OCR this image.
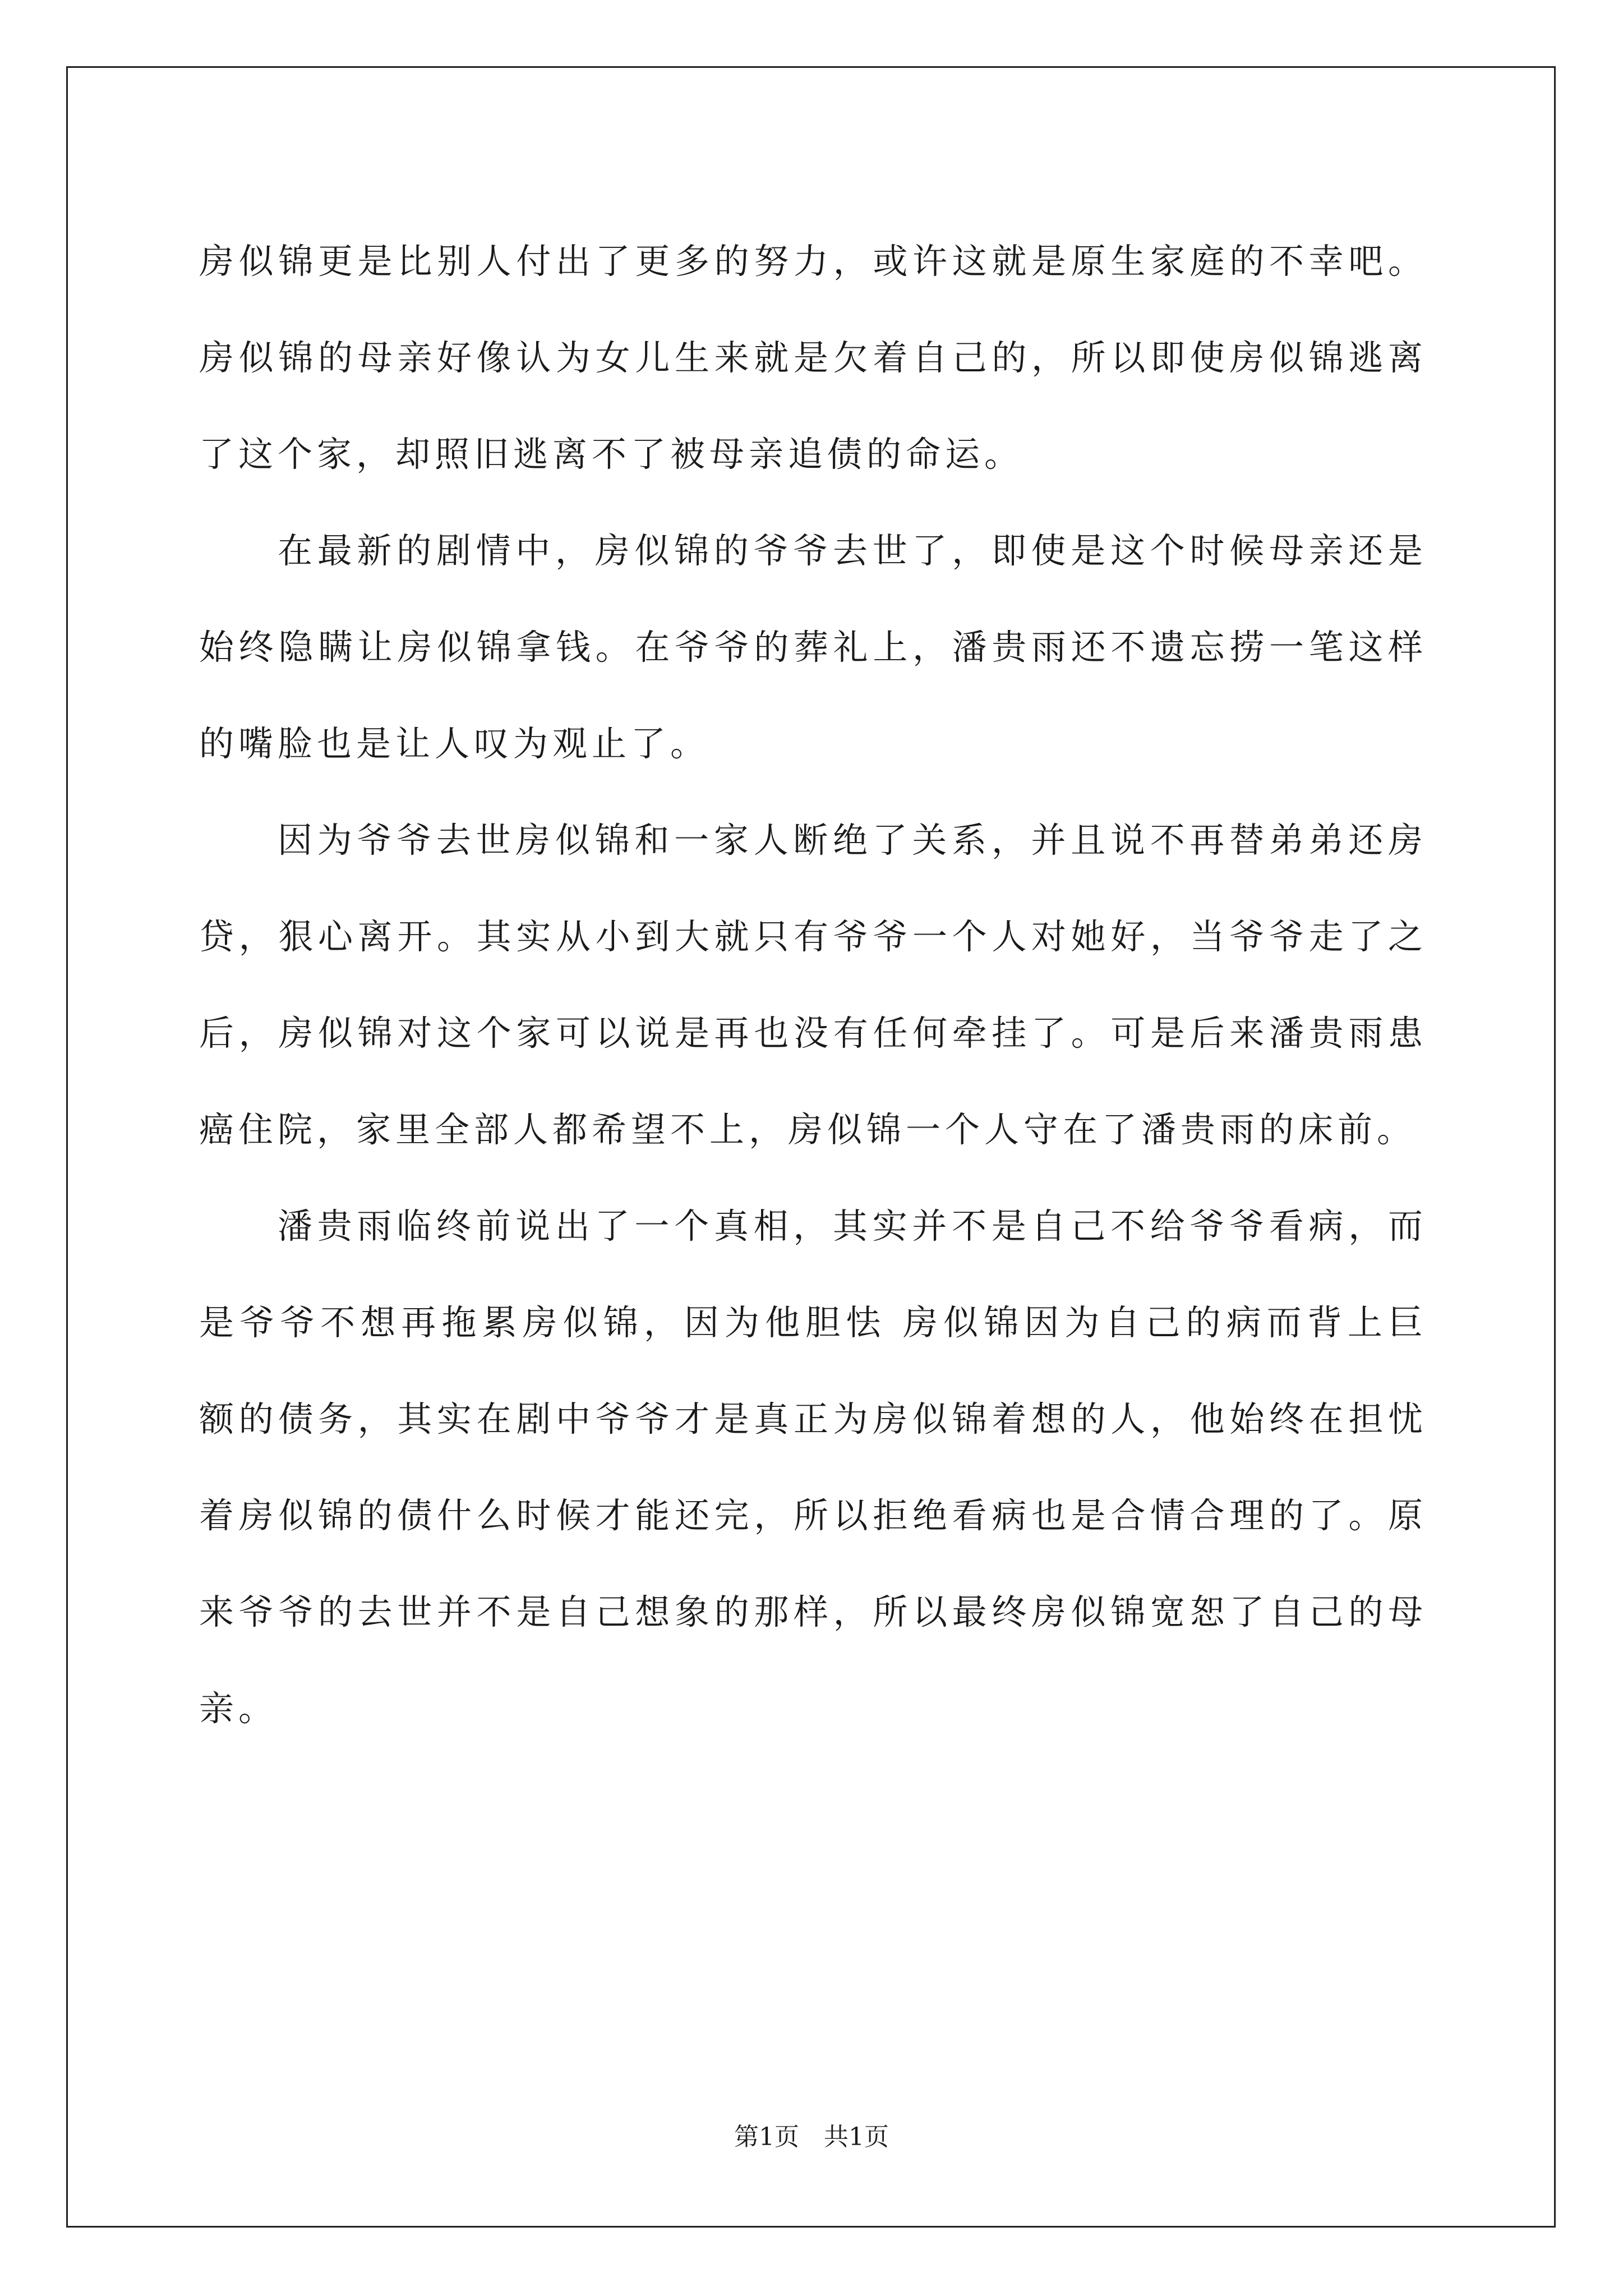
房似锦更是比别人付出了更多的努力，或许这就是原生家庭的不幸吧。房似锦的母亲好像认为女儿生来就是欠着自己的，所以即使房似锦逃离了这个家，却照旧逃离不了被母亲追债的命运。

在最新的剧情中，房似锦的爷爷去世了，即使是这个时候母亲还是始终隐瞒让房似锦拿钱。在爷爷的葬礼上，潘贵雨还不遗忘捞一笔这样的嘴脸也是让人叹为观止了。

因为爷爷去世房似锦和一家人断绝了关系，并且说不再替弟弟还房贷，狠心离开。其实从小到大就只有爷爷一个人对她好，当爷爷走了之后，房似锦对这个家可以说是再也没有任何牵挂了。可是后来潘贵雨患癌住院，家里全部人都希望不上，房似锦一个人守在了潘贵雨的床前。

潘贵雨临终前说出了一个真相，其实并不是自己不给爷爷看病，而是爷爷不想再拖累房似锦，因为他胆怯 房似锦因为自己的病而背上巨额的债务，其实在剧中爷爷才是真正为房似锦着想的人，他始终在担忧着房似锦的债什么时候才能还完，所以拒绝看病也是合情合理的了。原来爷爷的去世并不是自己想象的那样，所以最终房似锦宽恕了自己的母亲。

第1页　共1页
